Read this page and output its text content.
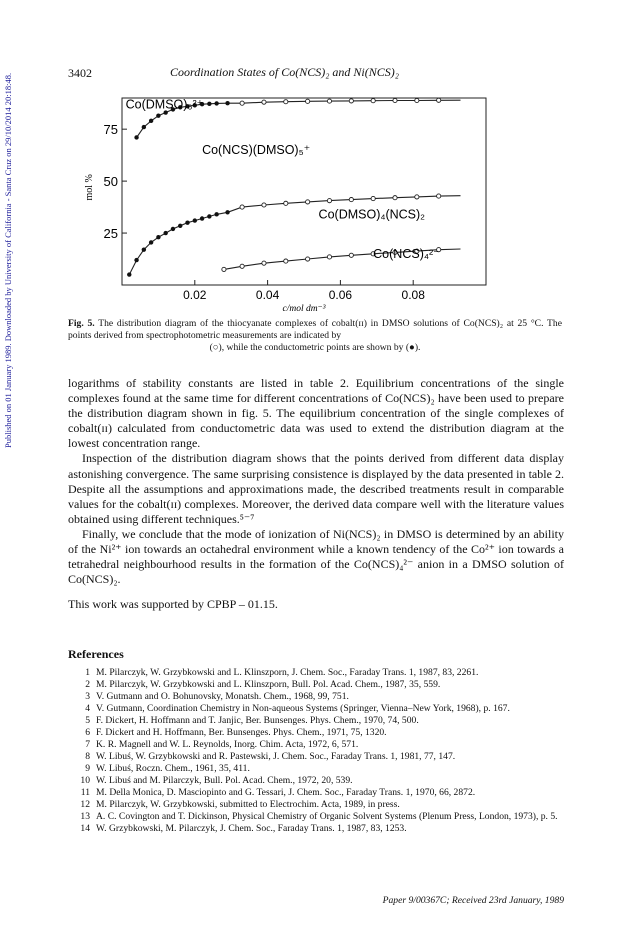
Published on 01 January 1989. Downloaded by University of California - Santa Cruz on 29/10/2014 20:18:48.	3402	Coordination States of Co(NCS)₂ and Ni(NCS)₂
0.02	0.04	0.06	0.08
25
50
75
c/mol dm⁻³
mol %
Co(DMSO)₆²⁺
Co(NCS)(DMSO)₅⁺
Co(DMSO)₄(NCS)₂
Co(NCS)₄²⁻
Fig. 5. The distribution diagram of the thiocyanate complexes of cobalt(ɪɪ) in DMSO solutions of Co(NCS)₂ at 25 °C. The points derived from spectrophotometric measurements are indicated by
(○), while the conductometric points are shown by (●).

logarithms of stability constants are listed in table 2. Equilibrium concentrations of the single complexes found at the same time for different concentrations of Co(NCS)₂ have been used to prepare the distribution diagram shown in fig. 5. The equilibrium concentration of the single complexes of cobalt(ɪɪ) calculated from conductometric data was used to extend the distribution diagram at the lowest concentration range.

Inspection of the distribution diagram shows that the points derived from different data display astonishing convergence. The same surprising consistence is displayed by the data presented in table 2. Despite all the assumptions and approximations made, the described treatments result in comparable values for the cobalt(ɪɪ) complexes. Moreover, the derived data compare well with the literature values obtained using different techniques.⁵⁻⁷

Finally, we conclude that the mode of ionization of Ni(NCS)₂ in DMSO is determined by an ability of the Ni²⁺ ion towards an octahedral environment while a known tendency of the Co²⁺ ion towards a tetrahedral neighbourhood results in the formation of the Co(NCS)₄²⁻ anion in a DMSO solution of Co(NCS)₂.

This work was supported by CPBP – 01.15.

References
1 M. Pilarczyk, W. Grzybkowski and L. Klinszporn, J. Chem. Soc., Faraday Trans. 1, 1987, 83, 2261.
2 M. Pilarczyk, W. Grzybkowski and L. Klinszporn, Bull. Pol. Acad. Chem., 1987, 35, 559.
3 V. Gutmann and O. Bohunovsky, Monatsh. Chem., 1968, 99, 751.
4 V. Gutmann, Coordination Chemistry in Non-aqueous Systems (Springer, Vienna–New York, 1968), p. 167.
5 F. Dickert, H. Hoffmann and T. Janjic, Ber. Bunsenges. Phys. Chem., 1970, 74, 500.
6 F. Dickert and H. Hoffmann, Ber. Bunsenges. Phys. Chem., 1971, 75, 1320.
7 K. R. Magnell and W. L. Reynolds, Inorg. Chim. Acta, 1972, 6, 571.
8 W. Libuś, W. Grzybkowski and R. Pastewski, J. Chem. Soc., Faraday Trans. 1, 1981, 77, 147.
9 W. Libuś, Roczn. Chem., 1961, 35, 411.
10 W. Libuś and M. Pilarczyk, Bull. Pol. Acad. Chem., 1972, 20, 539.
11 M. Della Monica, D. Masciopinto and G. Tessari, J. Chem. Soc., Faraday Trans. 1, 1970, 66, 2872.
12 M. Pilarczyk, W. Grzybkowski, submitted to Electrochim. Acta, 1989, in press.
13 A. C. Covington and T. Dickinson, Physical Chemistry of Organic Solvent Systems (Plenum Press, London, 1973), p. 5.
14 W. Grzybkowski, M. Pilarczyk, J. Chem. Soc., Faraday Trans. 1, 1987, 83, 1253.
Paper 9/00367C; Received 23rd January, 1989
